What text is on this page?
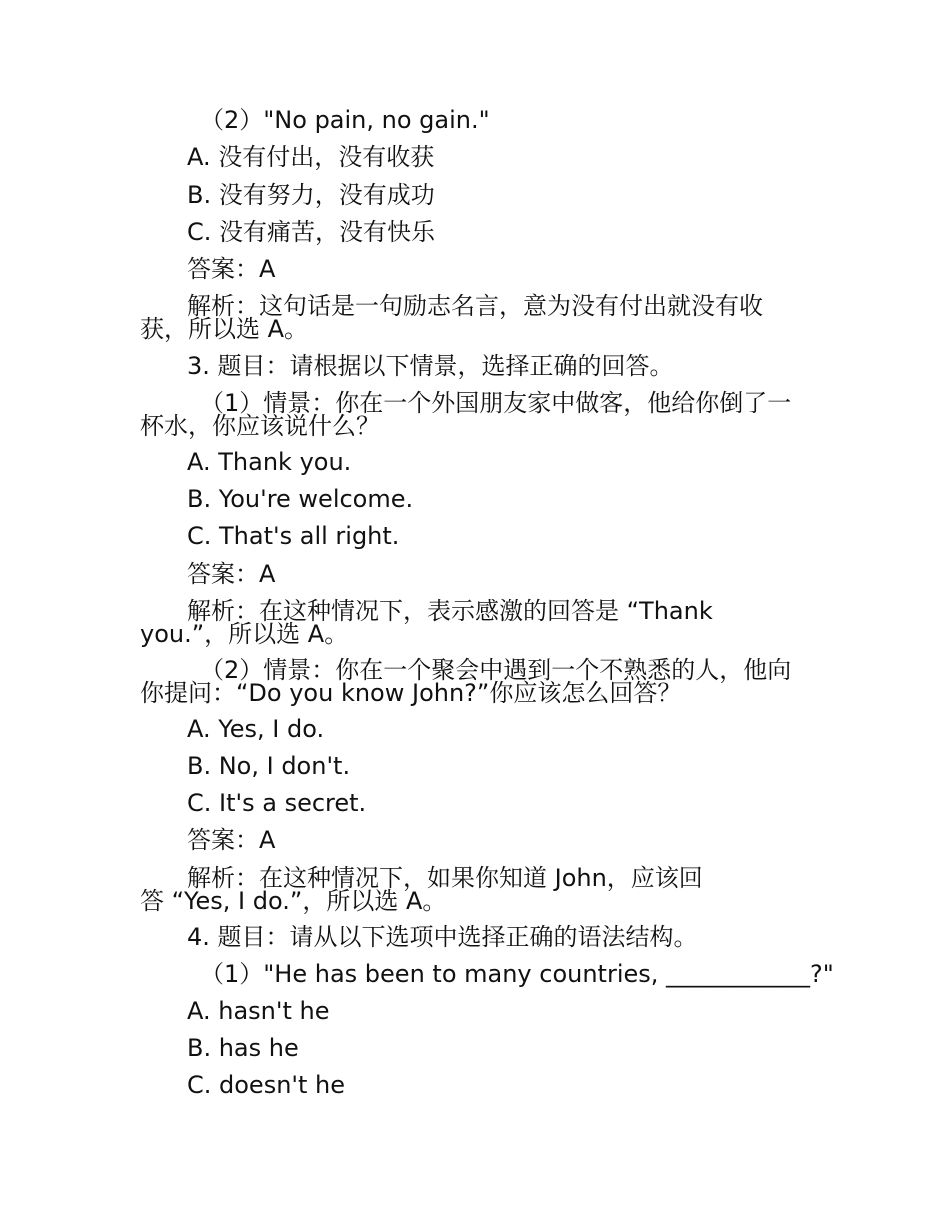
（2）"No pain, no gain."
A. 没有付出，没有收获
B. 没有努力，没有成功
C. 没有痛苦，没有快乐
答案：A
解析：这句话是一句励志名言，意为没有付出就没有收
获，所以选 A。
3. 题目：请根据以下情景，选择正确的回答。
（1）情景：你在一个外国朋友家中做客，他给你倒了一
杯水，你应该说什么？
A. Thank you.
B. You're welcome.
C. That's all right.
答案：A
解析：在这种情况下，表示感激的回答是 “Thank
you.”，所以选 A。
（2）情景：你在一个聚会中遇到一个不熟悉的人，他向
你提问：“Do you know John?”你应该怎么回答？
A. Yes, I do.
B. No, I don't.
C. It's a secret.
答案：A
解析：在这种情况下，如果你知道 John，应该回
答 “Yes, I do.”，所以选 A。
4. 题目：请从以下选项中选择正确的语法结构。
（1）"He has been to many countries, ____________?"
A. hasn't he
B. has he
C. doesn't he
